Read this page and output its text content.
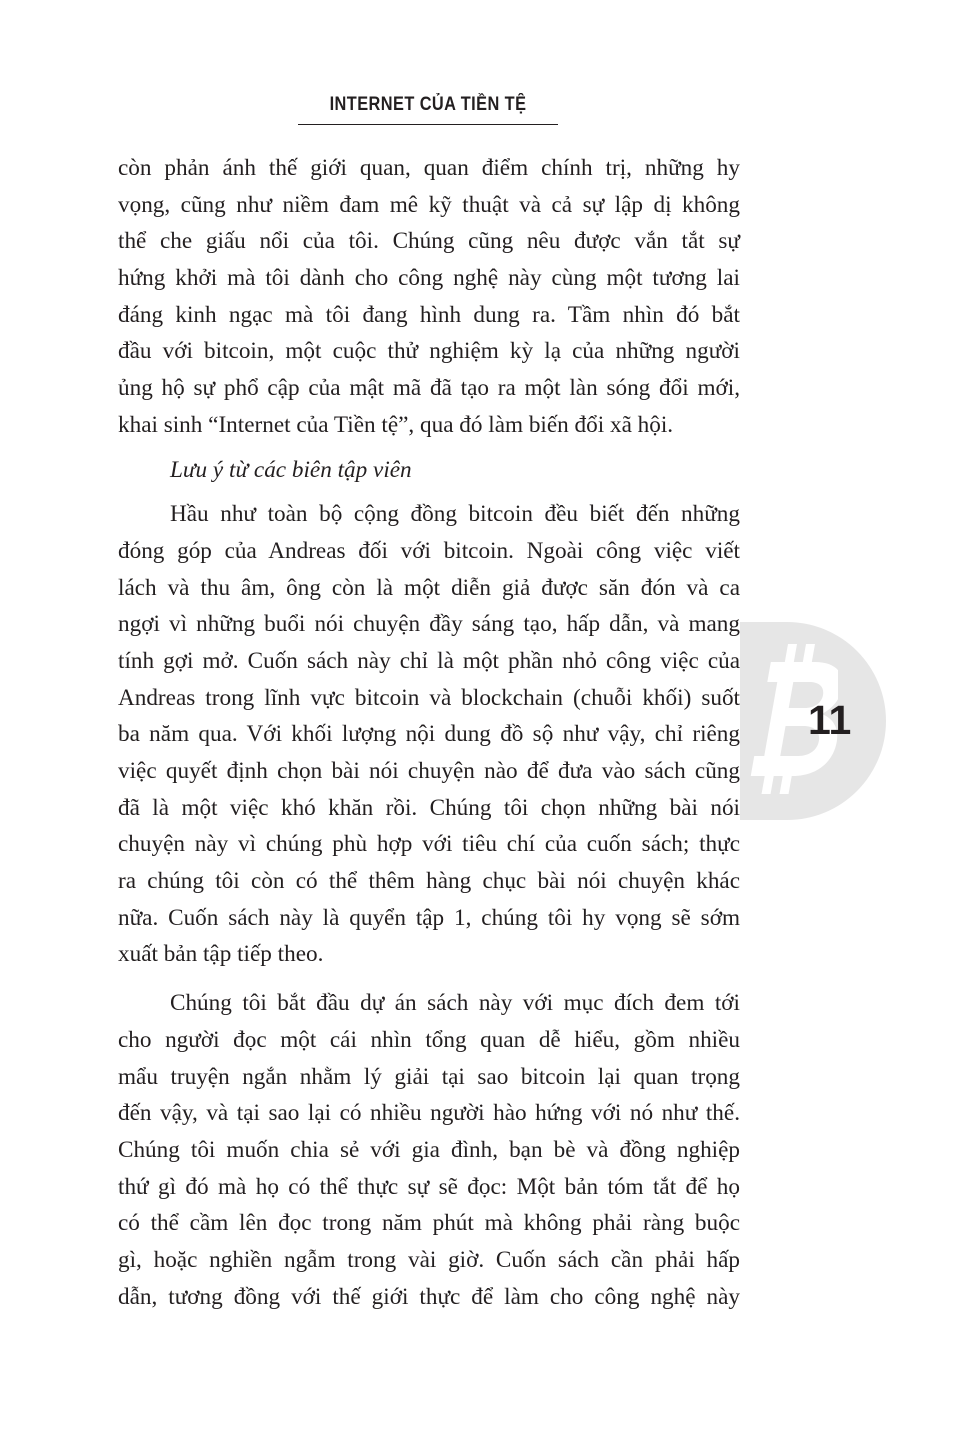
INTERNET CỦA TIỀN TỆ
còn phản ánh thế giới quan, quan điểm chính trị, những hy
vọng, cũng như niềm đam mê kỹ thuật và cả sự lập dị không
thể che giấu nổi của tôi. Chúng cũng nêu được vắn tắt sự
hứng khởi mà tôi dành cho công nghệ này cùng một tương lai
đáng kinh ngạc mà tôi đang hình dung ra. Tầm nhìn đó bắt
đầu với bitcoin, một cuộc thử nghiệm kỳ lạ của những người
ủng hộ sự phổ cập của mật mã đã tạo ra một làn sóng đổi mới,
khai sinh “Internet của Tiền tệ”, qua đó làm biến đổi xã hội.
Lưu ý từ các biên tập viên
Hầu như toàn bộ cộng đồng bitcoin đều biết đến những
đóng góp của Andreas đối với bitcoin. Ngoài công việc viết
lách và thu âm, ông còn là một diễn giả được săn đón và ca
ngợi vì những buổi nói chuyện đầy sáng tạo, hấp dẫn, và mang
tính gợi mở. Cuốn sách này chỉ là một phần nhỏ công việc của
Andreas trong lĩnh vực bitcoin và blockchain (chuỗi khối) suốt
ba năm qua. Với khối lượng nội dung đồ sộ như vậy, chỉ riêng
việc quyết định chọn bài nói chuyện nào để đưa vào sách cũng
đã là một việc khó khăn rồi. Chúng tôi chọn những bài nói
chuyện này vì chúng phù hợp với tiêu chí của cuốn sách; thực
ra chúng tôi còn có thể thêm hàng chục bài nói chuyện khác
nữa. Cuốn sách này là quyển tập 1, chúng tôi hy vọng sẽ sớm
xuất bản tập tiếp theo.
Chúng tôi bắt đầu dự án sách này với mục đích đem tới
cho người đọc một cái nhìn tổng quan dễ hiểu, gồm nhiều
mẩu truyện ngắn nhằm lý giải tại sao bitcoin lại quan trọng
đến vậy, và tại sao lại có nhiều người hào hứng với nó như thế.
Chúng tôi muốn chia sẻ với gia đình, bạn bè và đồng nghiệp
thứ gì đó mà họ có thể thực sự sẽ đọc: Một bản tóm tắt để họ
có thể cầm lên đọc trong năm phút mà không phải ràng buộc
gì, hoặc nghiền ngẫm trong vài giờ. Cuốn sách cần phải hấp
dẫn, tương đồng với thế giới thực để làm cho công nghệ này
11
